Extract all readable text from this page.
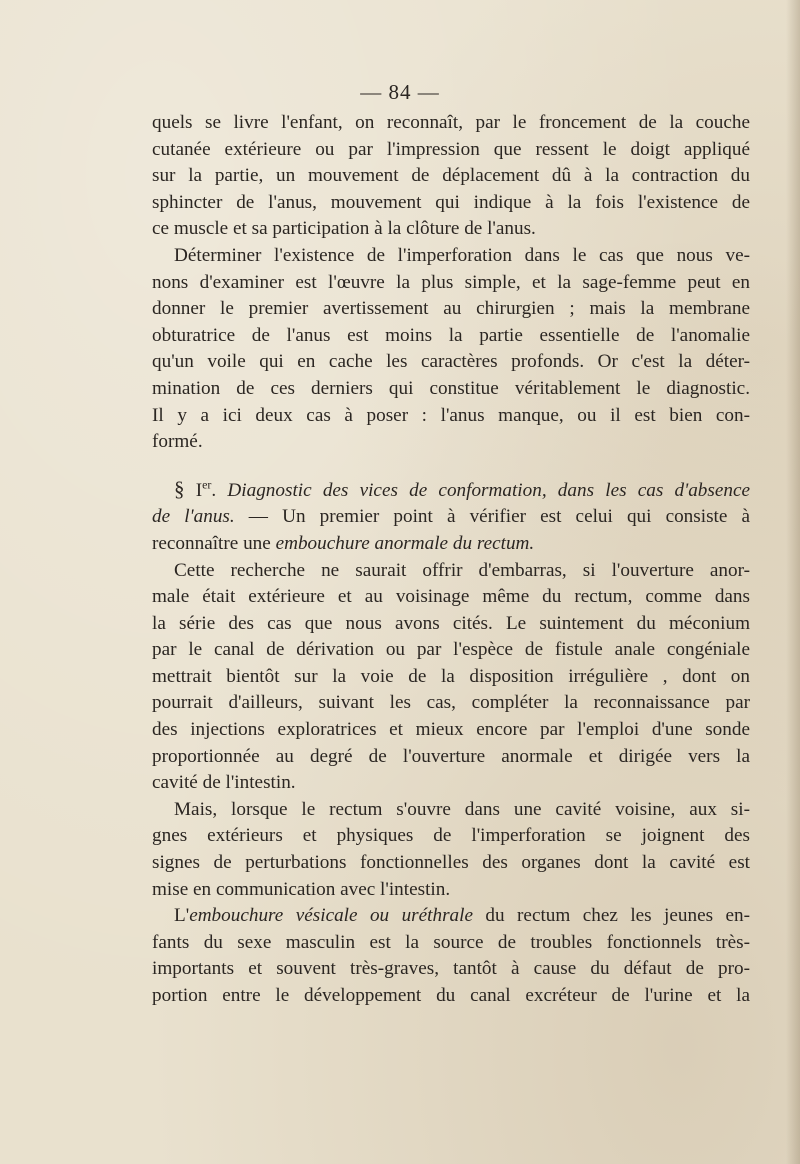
— 84 —
quels se livre l'enfant, on reconnaît, par le froncement de la couche
cutanée extérieure ou par l'impression que ressent le doigt appliqué
sur la partie, un mouvement de déplacement dû à la contraction du
sphincter de l'anus, mouvement qui indique à la fois l'existence de
ce muscle et sa participation à la clôture de l'anus.
Déterminer l'existence de l'imperforation dans le cas que nous ve-
nons d'examiner est l'œuvre la plus simple, et la sage-femme peut en
donner le premier avertissement au chirurgien ; mais la membrane
obturatrice de l'anus est moins la partie essentielle de l'anomalie
qu'un voile qui en cache les caractères profonds. Or c'est la déter-
mination de ces derniers qui constitue véritablement le diagnostic.
Il y a ici deux cas à poser : l'anus manque, ou il est bien con-
formé.
§ Ier. Diagnostic des vices de conformation, dans les cas d'absence
de l'anus. — Un premier point à vérifier est celui qui consiste à
reconnaître une embouchure anormale du rectum.
Cette recherche ne saurait offrir d'embarras, si l'ouverture anor-
male était extérieure et au voisinage même du rectum, comme dans
la série des cas que nous avons cités. Le suintement du méconium
par le canal de dérivation ou par l'espèce de fistule anale congéniale
mettrait bientôt sur la voie de la disposition irrégulière , dont on
pourrait d'ailleurs, suivant les cas, compléter la reconnaissance par
des injections exploratrices et mieux encore par l'emploi d'une sonde
proportionnée au degré de l'ouverture anormale et dirigée vers la
cavité de l'intestin.
Mais, lorsque le rectum s'ouvre dans une cavité voisine, aux si-
gnes extérieurs et physiques de l'imperforation se joignent des
signes de perturbations fonctionnelles des organes dont la cavité est
mise en communication avec l'intestin.
L'embouchure vésicale ou uréthrale du rectum chez les jeunes en-
fants du sexe masculin est la source de troubles fonctionnels très-
importants et souvent très-graves, tantôt à cause du défaut de pro-
portion entre le développement du canal excréteur de l'urine et la
